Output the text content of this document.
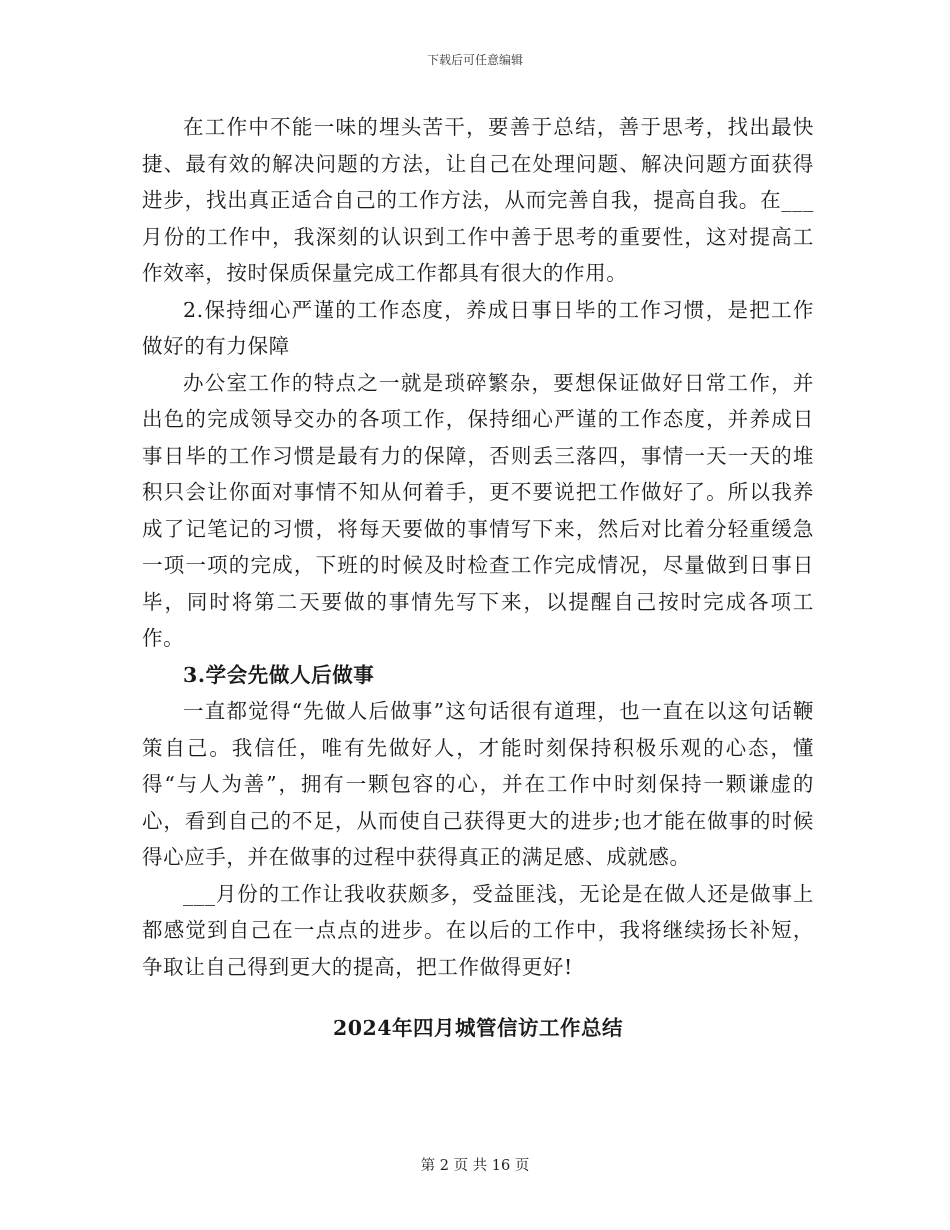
下载后可任意编辑

在工作中不能一味的埋头苦干，要善于总结，善于思考，找出最快捷、最有效的解决问题的方法，让自己在处理问题、解决问题方面获得进步，找出真正适合自己的工作方法，从而完善自我，提高自我。在___月份的工作中，我深刻的认识到工作中善于思考的重要性，这对提高工作效率，按时保质保量完成工作都具有很大的作用。

2.保持细心严谨的工作态度，养成日事日毕的工作习惯，是把工作做好的有力保障

办公室工作的特点之一就是琐碎繁杂，要想保证做好日常工作，并出色的完成领导交办的各项工作，保持细心严谨的工作态度，并养成日事日毕的工作习惯是最有力的保障，否则丢三落四，事情一天一天的堆积只会让你面对事情不知从何着手，更不要说把工作做好了。所以我养成了记笔记的习惯，将每天要做的事情写下来，然后对比着分轻重缓急一项一项的完成，下班的时候及时检查工作完成情况，尽量做到日事日毕，同时将第二天要做的事情先写下来，以提醒自己按时完成各项工作。

3.学会先做人后做事

一直都觉得“先做人后做事”这句话很有道理，也一直在以这句话鞭策自己。我信任，唯有先做好人，才能时刻保持积极乐观的心态，懂得“与人为善”，拥有一颗包容的心，并在工作中时刻保持一颗谦虚的心，看到自己的不足，从而使自己获得更大的进步;也才能在做事的时候得心应手，并在做事的过程中获得真正的满足感、成就感。

___月份的工作让我收获颇多，受益匪浅，无论是在做人还是做事上都感觉到自己在一点点的进步。在以后的工作中，我将继续扬长补短，争取让自己得到更大的提高，把工作做得更好!

2024年四月城管信访工作总结
第 2 页 共 16 页
